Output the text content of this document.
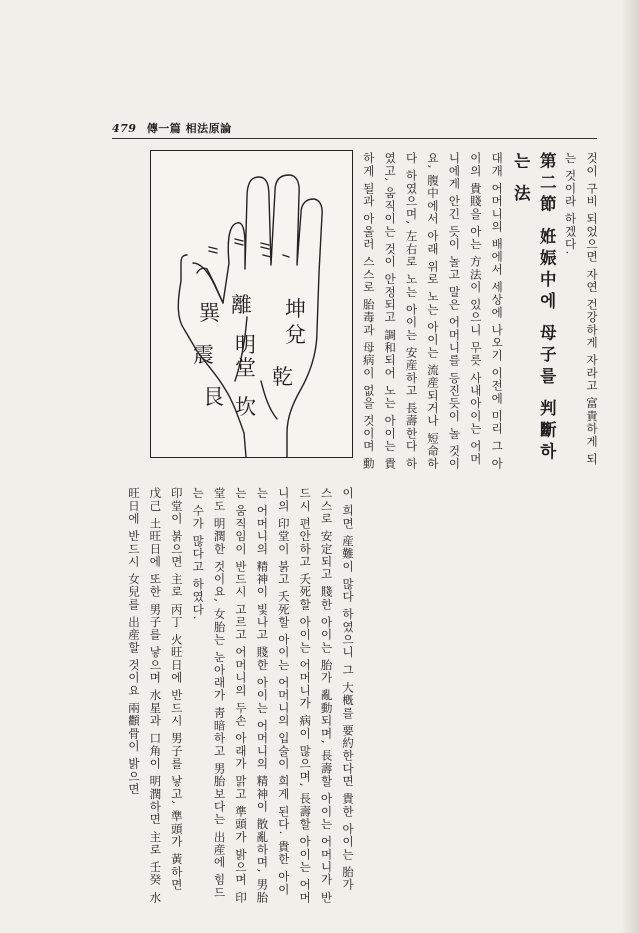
479 傳一篇 相法原論
坤
兌
乾
離
巽
震
艮
明
堂
坎	것이 구비 되었으면 자연 건강하게 자라고 富貴하게 되는 것이라 하겠다.
第二節 姙娠中에 母子를 判斷하는 法
대개 어머니의 배에서 세상에 나오기 이전에 미리 그 아이의 貴賤을 아는 方法이 있으니 무릇 사내아이는 어머니에게 안긴 듯이 놀고 말은 어머니를 등진듯이 놀 것이요, 腹中에서 아래 위로 노는 아이는 流産되거나 短命하다 하였으며, 左右로 노는 아이는 安産하고 長壽한다 하였고, 움직이는 것이 안정되고 調和되어 노는 아이는 貴하게 될과 아울러 스스로 胎毒과 母病이 없을 것이며 動
이 희면 産難이 많다 하였으니 그 大槪를 要約한다면 貴한 아이는 胎가 스스로 安定되고 賤한 아이는 胎가 亂動되며, 長壽할 아이는 어머니가 반드시 편안하고 夭死할 아이는 어머니가 病이 많으며, 長壽할 아이는 어머니의 印堂이 붉고 夭死할 아이는 어머니의 입술이 희게 된다. 貴한 아이는 어머니의 精神이 빛나고 賤한 아이는 어머니의 精神이 散亂하며, 男胎는 움직임이 반드시 고르고 어머니의 두손 아래가 맑고 準頭가 밝으며 印堂도 明潤한 것이요, 女胎는 눈아래가 靑暗하고 男胎보다는 出産에 힘드는 수가 많다고 하였다.
印堂이 붉으면 主로 丙丁 火旺日에 반드시 男子를 낳고, 準頭가 黃하면 戊己 土旺日에 또한 男子를 낳으며 水星과 口角이 明潤하면 主로 壬癸 水旺日에 반드시 女兒를 出産할 것이요 兩顴骨이 밝으면
